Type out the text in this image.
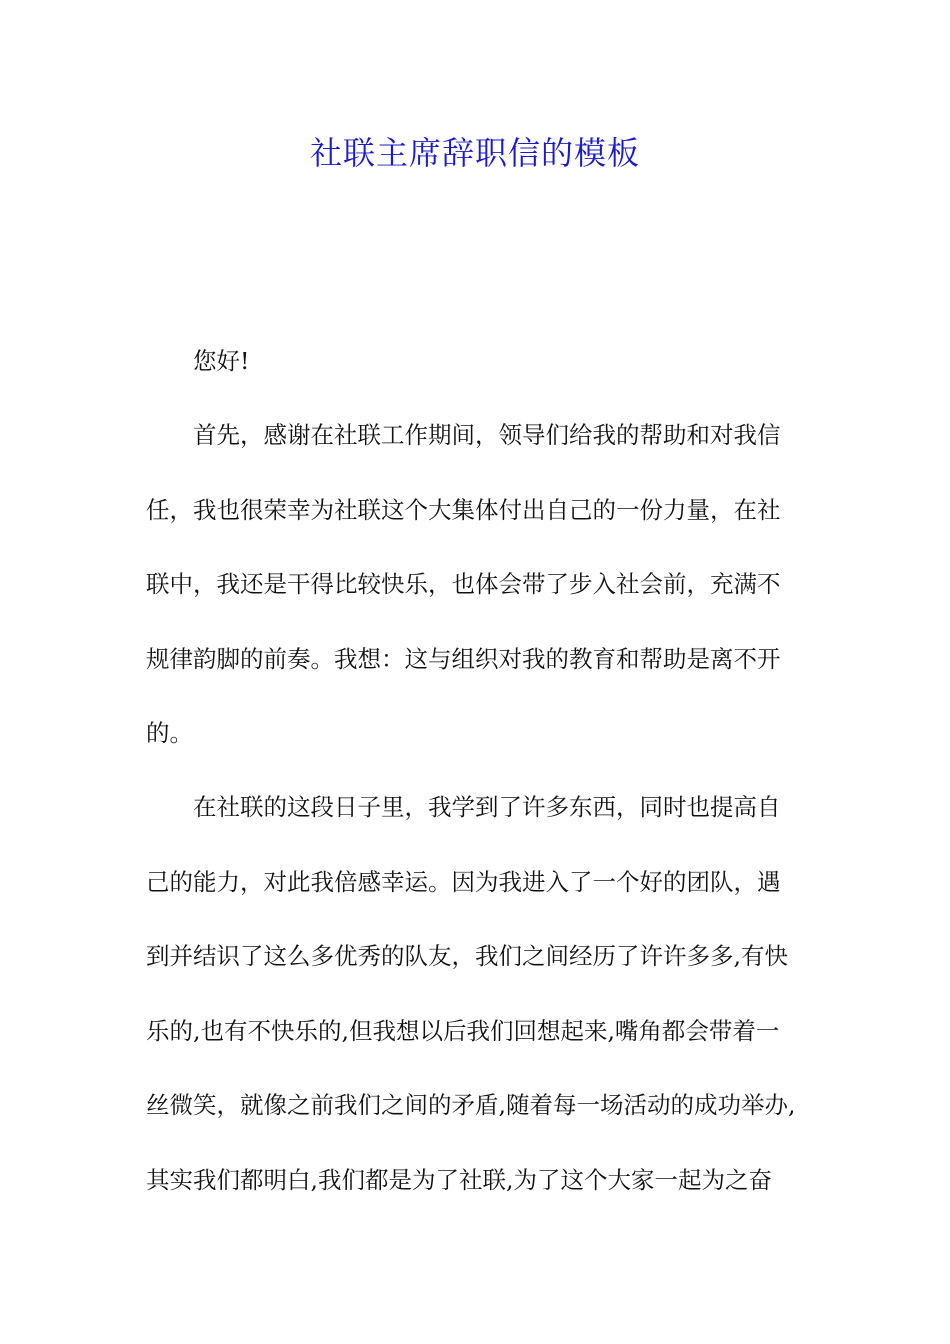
社联主席辞职信的模板

您好!

首先，感谢在社联工作期间，领导们给我的帮助和对我信
任，我也很荣幸为社联这个大集体付出自己的一份力量，在社
联中，我还是干得比较快乐，也体会带了步入社会前，充满不
规律韵脚的前奏。我想：这与组织对我的教育和帮助是离不开
的。
在社联的这段日子里，我学到了许多东西，同时也提高自
己的能力，对此我倍感幸运。因为我进入了一个好的团队，遇
到并结识了这么多优秀的队友，我们之间经历了许许多多,有快
乐的,也有不快乐的,但我想以后我们回想起来,嘴角都会带着一
丝微笑，就像之前我们之间的矛盾,随着每一场活动的成功举办,
其实我们都明白,我们都是为了社联,为了这个大家一起为之奋
